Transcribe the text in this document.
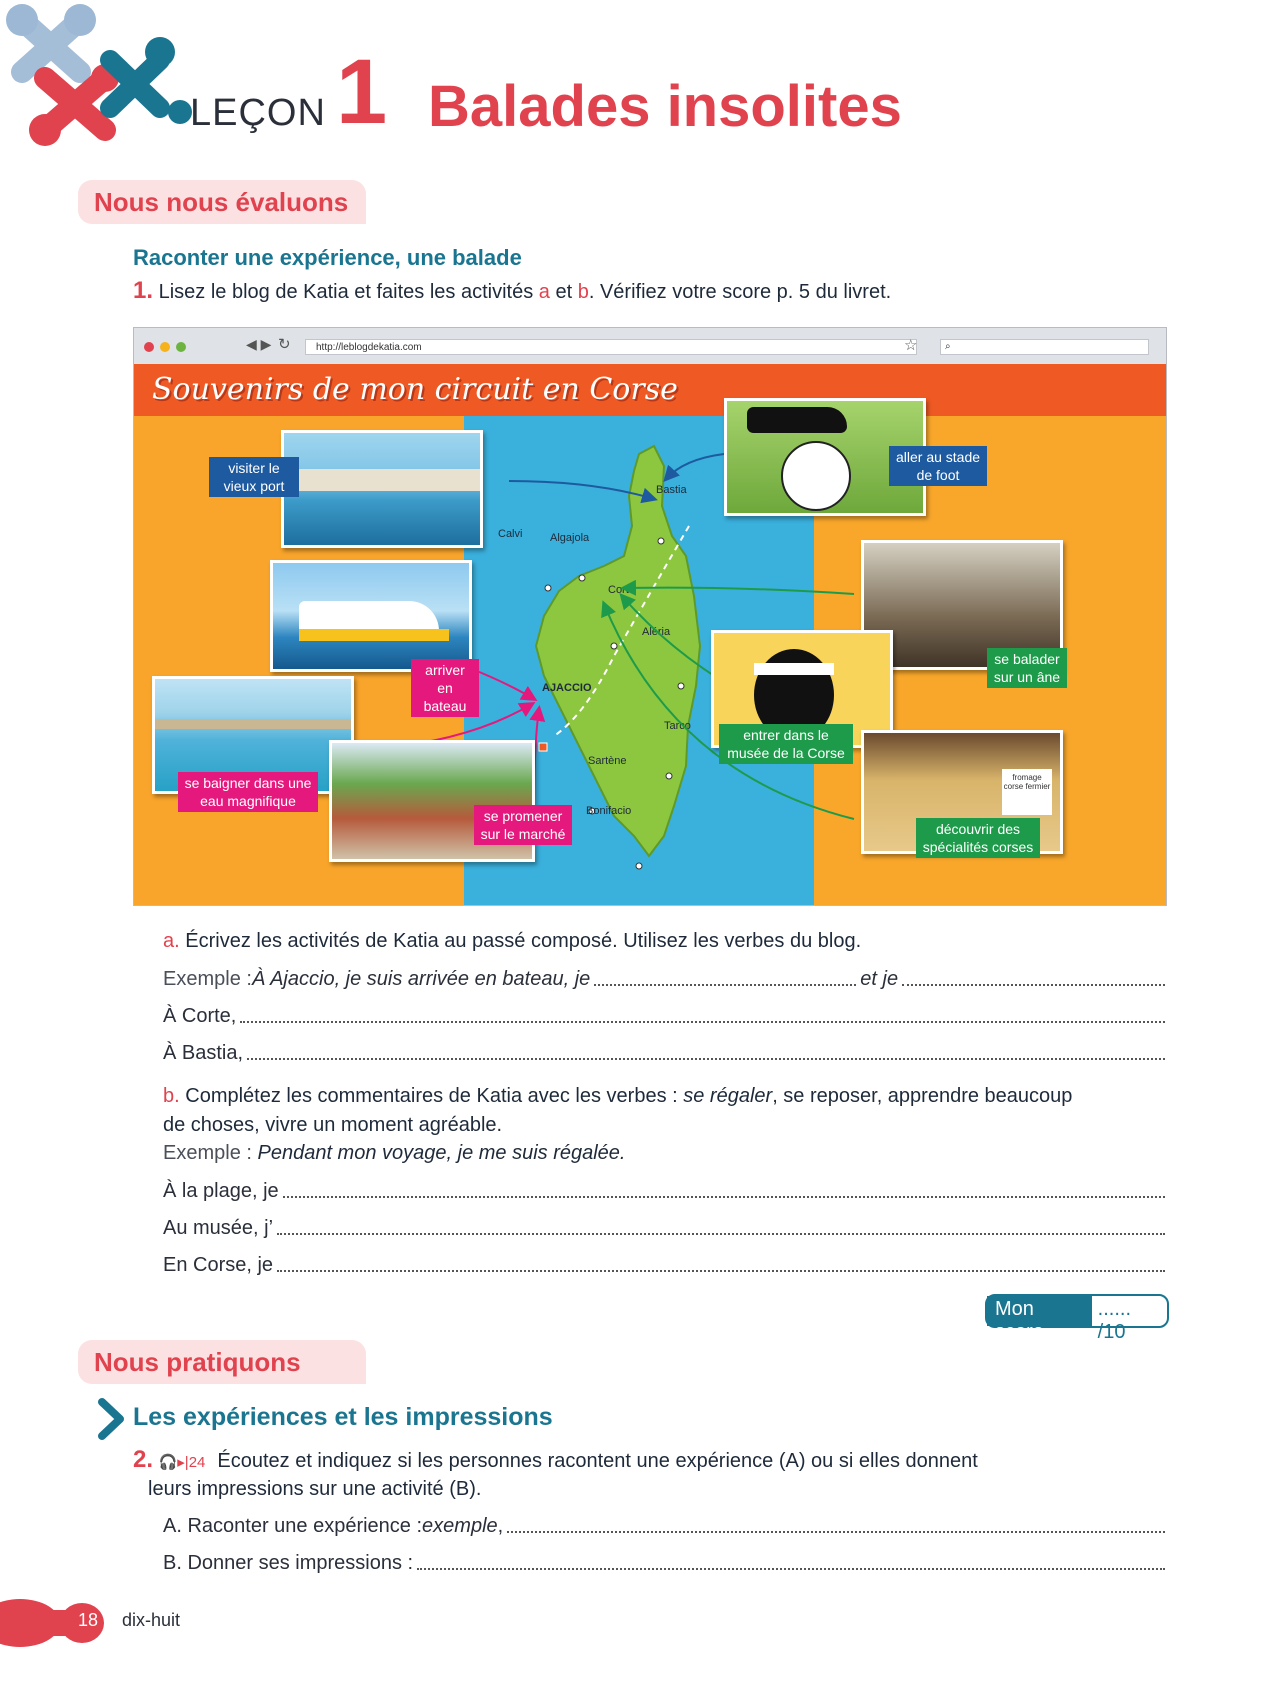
LEÇON 1 Balades insolites
Nous nous évaluons
Raconter une expérience, une balade
1. Lisez le blog de Katia et faites les activités a et b. Vérifiez votre score p. 5 du livret.
◀ ▶ ↻	http://leblogdekatia.com	☆	⌕
Souvenirs de mon circuit en Corse
Bastia
Calvi	Algajola
Corte
Aléria
AJACCIO
Tarco
Sartène
Bonifacio
fromage corse fermier
visiter le vieux port
arriver en bateau
se baigner dans une eau magnifique
se promener sur le marché
aller au stade de foot
se balader sur un âne
entrer dans le musée de la Corse
découvrir des spécialités corses
a. Écrivez les activités de Katia au passé composé. Utilisez les verbes du blog.
Exemple : À Ajaccio, je suis arrivée en bateau, je	et je
À Corte,
À Bastia,
b. Complétez les commentaires de Katia avec les verbes : se régaler, se reposer, apprendre beaucoup
de choses, vivre un moment agréable.
Exemple : Pendant mon voyage, je me suis régalée.
À la plage, je
Au musée, j’
En Corse, je
Mon score
...... /10
Nous pratiquons
Les expériences et les impressions
2. 🎧▸|24 Écoutez et indiquez si les personnes racontent une expérience (A) ou si elles donnent
leurs impressions sur une activité (B).
A. Raconter une expérience : exemple ,
B. Donner ses impressions :
18 dix-huit
